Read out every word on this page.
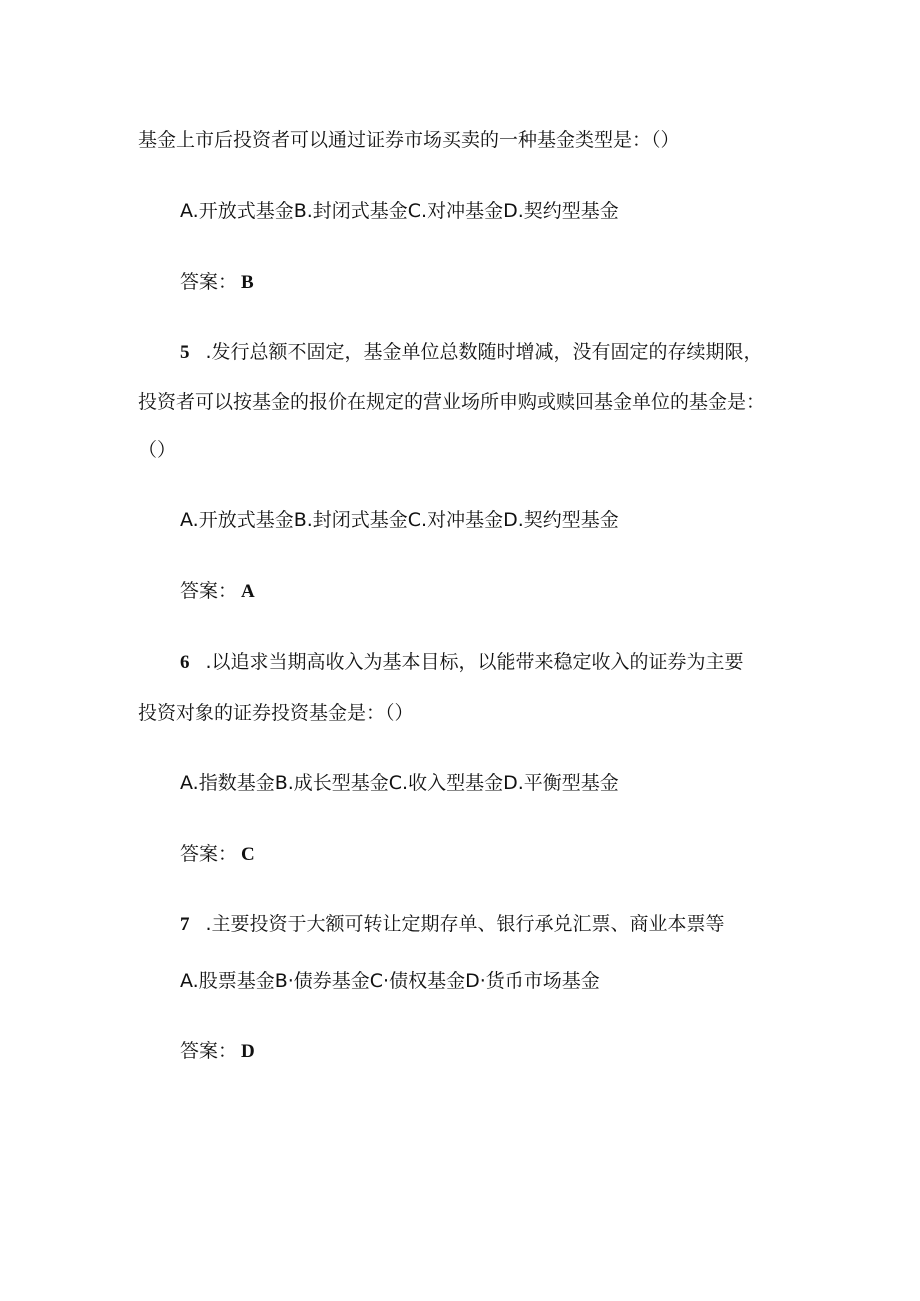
基金上市后投资者可以通过证券市场买卖的一种基金类型是：（）
A.开放式基金B.封闭式基金C.对冲基金D.契约型基金
答案： B
5 .发行总额不固定，基金单位总数随时增减，没有固定的存续期限，
投资者可以按基金的报价在规定的营业场所申购或赎回基金单位的基金是：
（）
A.开放式基金B.封闭式基金C.对冲基金D.契约型基金
答案： A
6 .以追求当期高收入为基本目标，以能带来稳定收入的证券为主要
投资对象的证券投资基金是：（）
A.指数基金B.成长型基金C.收入型基金D.平衡型基金
答案： C
7 .主要投资于大额可转让定期存单、银行承兑汇票、商业本票等
A.股票基金B·债券基金C·债权基金D·货币市场基金
答案： D
